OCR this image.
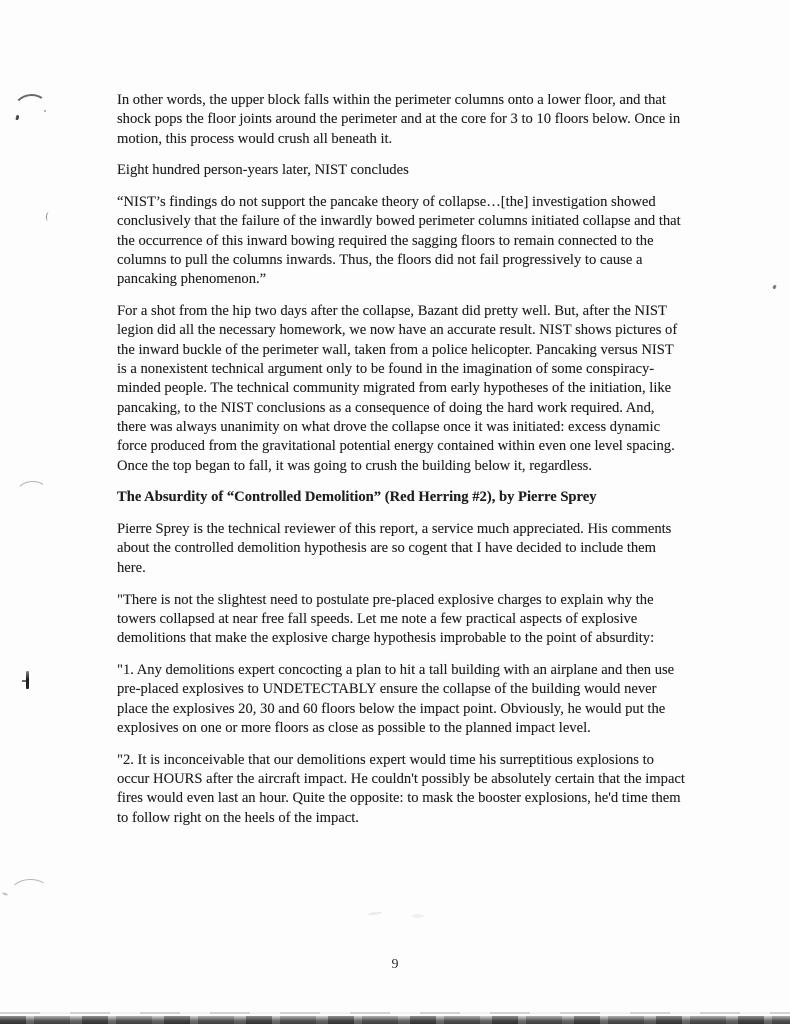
In other words, the upper block falls within the perimeter columns onto a lower floor, and that shock pops the floor joints around the perimeter and at the core for 3 to 10 floors below. Once in motion, this process would crush all beneath it.

Eight hundred person-years later, NIST concludes

“NIST’s findings do not support the pancake theory of collapse…[the] investigation showed conclusively that the failure of the inwardly bowed perimeter columns initiated collapse and that the occurrence of this inward bowing required the sagging floors to remain connected to the columns to pull the columns inwards. Thus, the floors did not fail progressively to cause a pancaking phenomenon.”

For a shot from the hip two days after the collapse, Bazant did pretty well. But, after the NIST legion did all the necessary homework, we now have an accurate result. NIST shows pictures of the inward buckle of the perimeter wall, taken from a police helicopter. Pancaking versus NIST is a nonexistent technical argument only to be found in the imagination of some conspiracy-minded people. The technical community migrated from early hypotheses of the initiation, like pancaking, to the NIST conclusions as a consequence of doing the hard work required. And, there was always unanimity on what drove the collapse once it was initiated: excess dynamic force produced from the gravitational potential energy contained within even one level spacing. Once the top began to fall, it was going to crush the building below it, regardless.

The Absurdity of “Controlled Demolition” (Red Herring #2), by Pierre Sprey

Pierre Sprey is the technical reviewer of this report, a service much appreciated. His comments about the controlled demolition hypothesis are so cogent that I have decided to include them here.

"There is not the slightest need to postulate pre-placed explosive charges to explain why the towers collapsed at near free fall speeds. Let me note a few practical aspects of explosive demolitions that make the explosive charge hypothesis improbable to the point of absurdity:

"1. Any demolitions expert concocting a plan to hit a tall building with an airplane and then use pre-placed explosives to UNDETECTABLY ensure the collapse of the building would never place the explosives 20, 30 and 60 floors below the impact point. Obviously, he would put the explosives on one or more floors as close as possible to the planned impact level.

"2. It is inconceivable that our demolitions expert would time his surreptitious explosions to occur HOURS after the aircraft impact. He couldn't possibly be absolutely certain that the impact fires would even last an hour. Quite the opposite: to mask the booster explosions, he'd time them to follow right on the heels of the impact.

9
